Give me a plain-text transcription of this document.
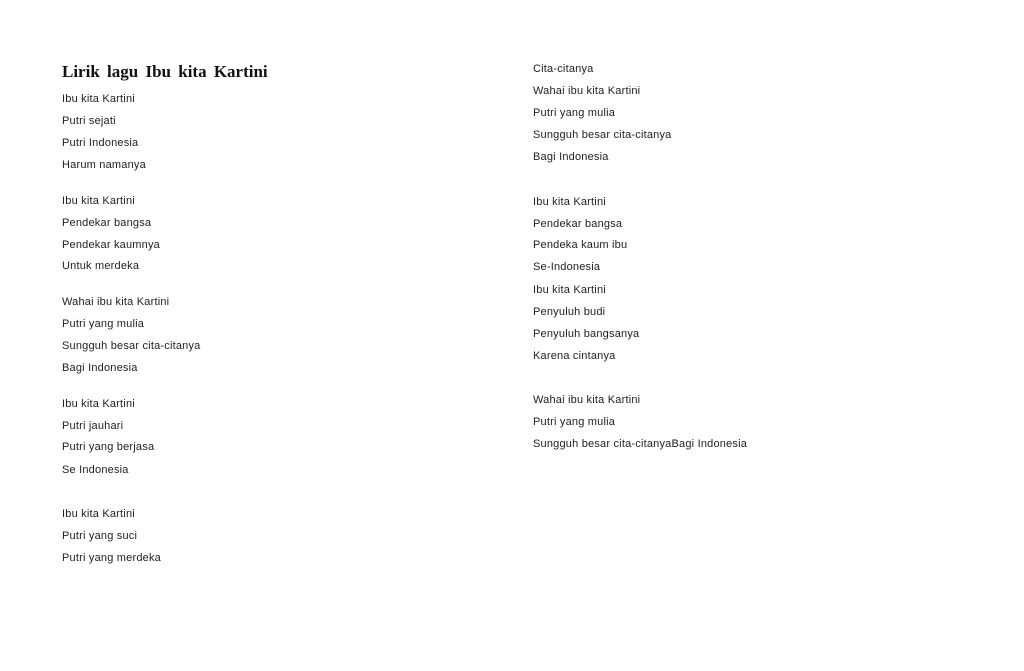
Lirik lagu Ibu kita Kartini
Ibu kita Kartini
Putri sejati
Putri Indonesia
Harum namanya
Ibu kita Kartini
Pendekar bangsa
Pendekar kaumnya
Untuk merdeka
Wahai ibu kita Kartini
Putri yang mulia
Sungguh besar cita-citanya
Bagi Indonesia
Ibu kita Kartini
Putri jauhari
Putri yang berjasa
Se Indonesia
Ibu kita Kartini
Putri yang suci
Putri yang merdeka
Cita-citanya
Wahai ibu kita Kartini
Putri yang mulia
Sungguh besar cita-citanya
Bagi Indonesia
Ibu kita Kartini
Pendekar bangsa
Pendeka kaum ibu
Se-Indonesia
Ibu kita Kartini
Penyuluh budi
Penyuluh bangsanya
Karena cintanya
Wahai ibu kita Kartini
Putri yang mulia
Sungguh besar cita-citanyaBagi Indonesia
